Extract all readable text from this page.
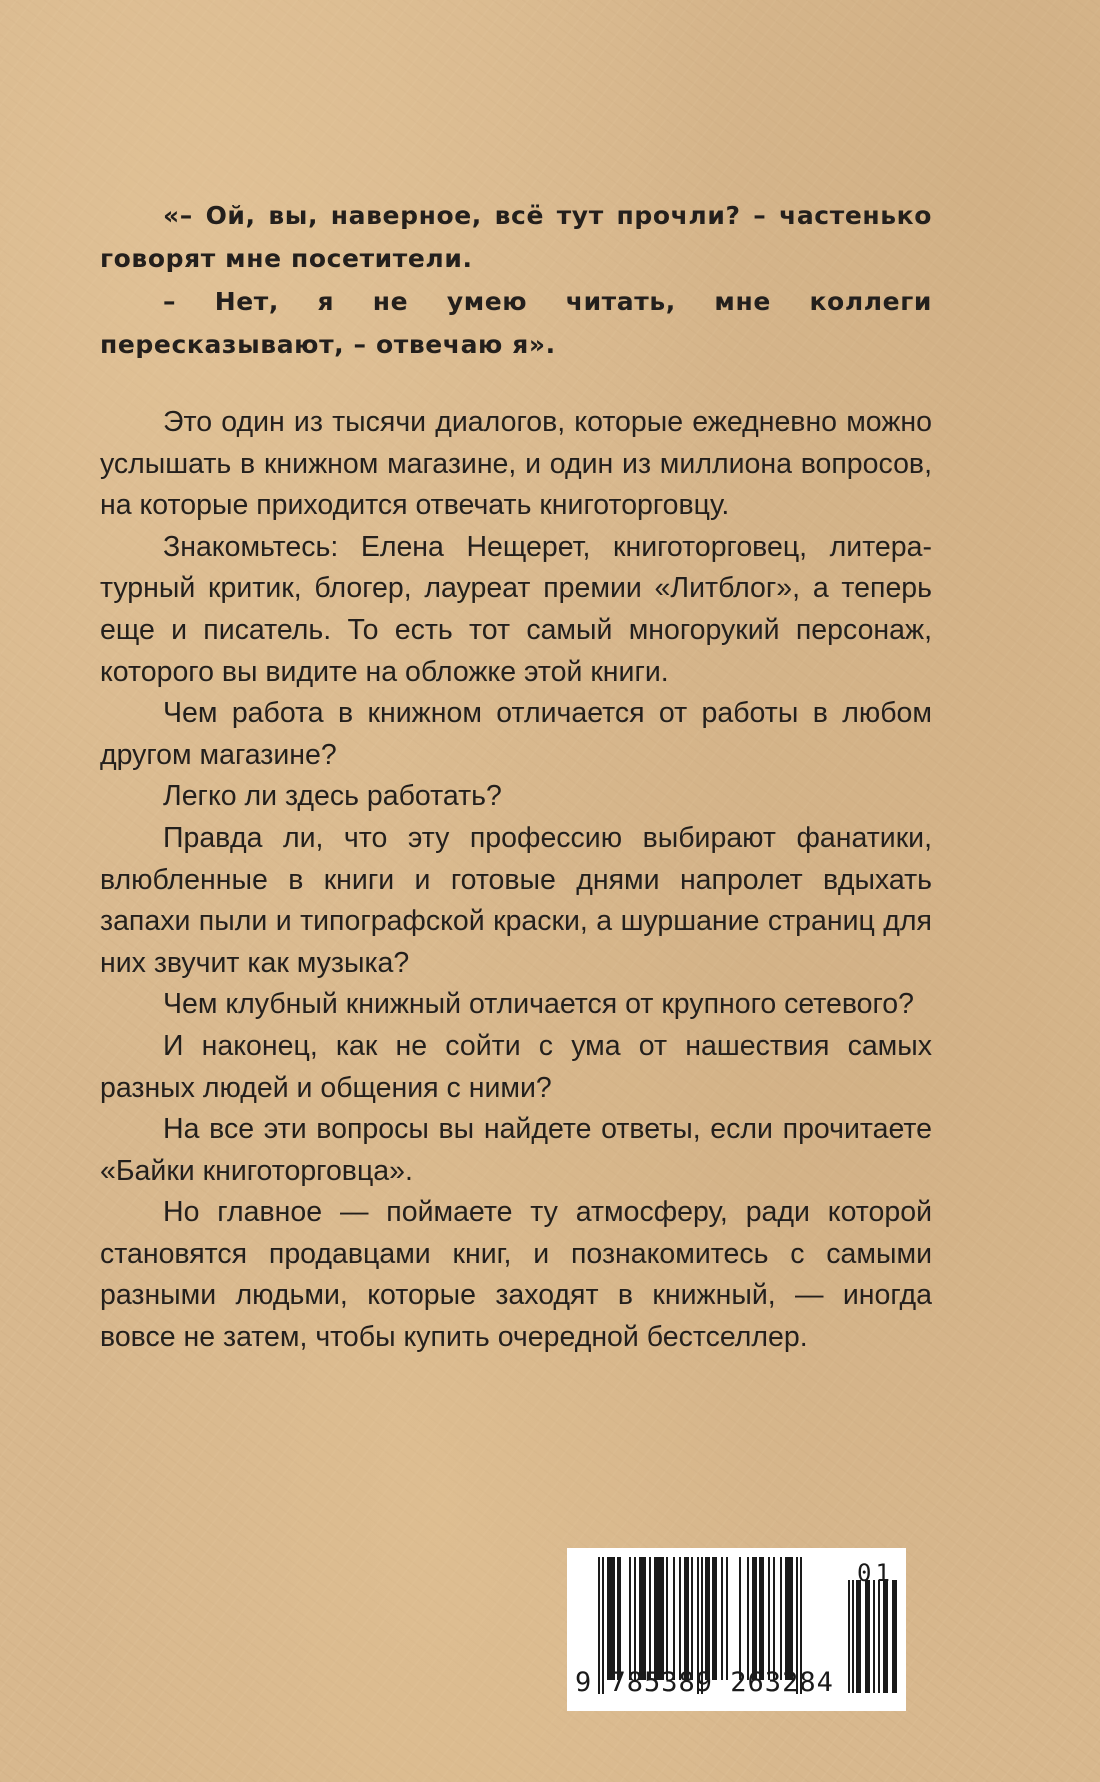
«– Ой, вы, наверное, всё тут прочли? – частенько говорят мне посетители.

– Нет, я не умею читать, мне коллеги пересказывают, – отвечаю я».

Это один из тысячи диалогов, которые ежедневно можно услышать в книжном магазине, и один из миллиона вопросов, на которые приходится отвечать книготорговцу.

Знакомьтесь: Елена Нещерет, книготорговец, литературный критик, блогер, лауреат премии «Литблог», а теперь еще и писатель. То есть тот самый многорукий персонаж, которого вы видите на обложке этой книги.

Чем работа в книжном отличается от работы в любом другом магазине?

Легко ли здесь работать?

Правда ли, что эту профессию выбирают фанатики, влюбленные в книги и готовые днями напролет вдыхать запахи пыли и типографской краски, а шуршание страниц для них звучит как музыка?

Чем клубный книжный отличается от крупного сетевого?

И наконец, как не сойти с ума от нашествия самых разных людей и общения с ними?

На все эти вопросы вы найдете ответы, если прочитаете «Байки книготорговца».

Но главное — поймаете ту атмосферу, ради которой становятся продавцами книг, и познакомитесь с самыми разными людьми, которые заходят в книжный, — иногда вовсе не затем, чтобы купить очередной бестселлер.

9 785389 263284
01
